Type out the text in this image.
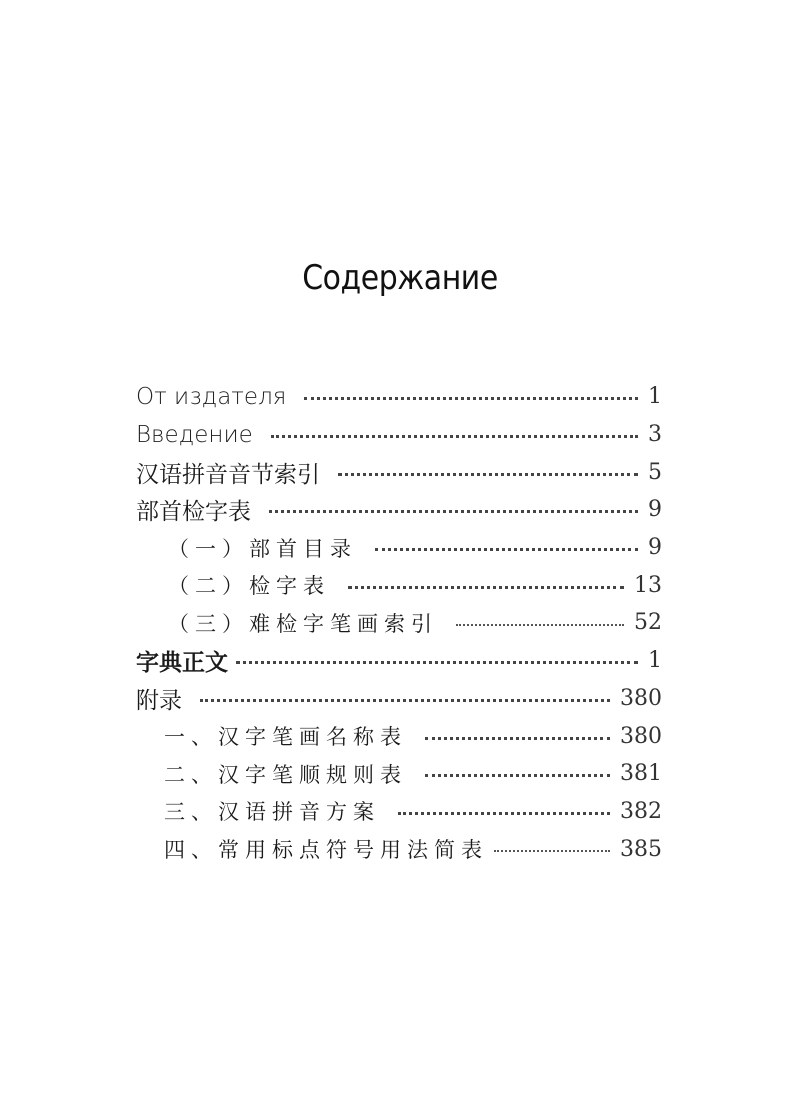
Содержание
От издателя	1
Введение	3
汉语拼音音节索引	5
部首检字表	9
（一）部首目录	9
（二）检字表	13
（三）难检字笔画索引	52
字典正文	1
附录	380
一、汉字笔画名称表	380
二、汉字笔顺规则表	381
三、汉语拼音方案	382
四、常用标点符号用法简表	385
